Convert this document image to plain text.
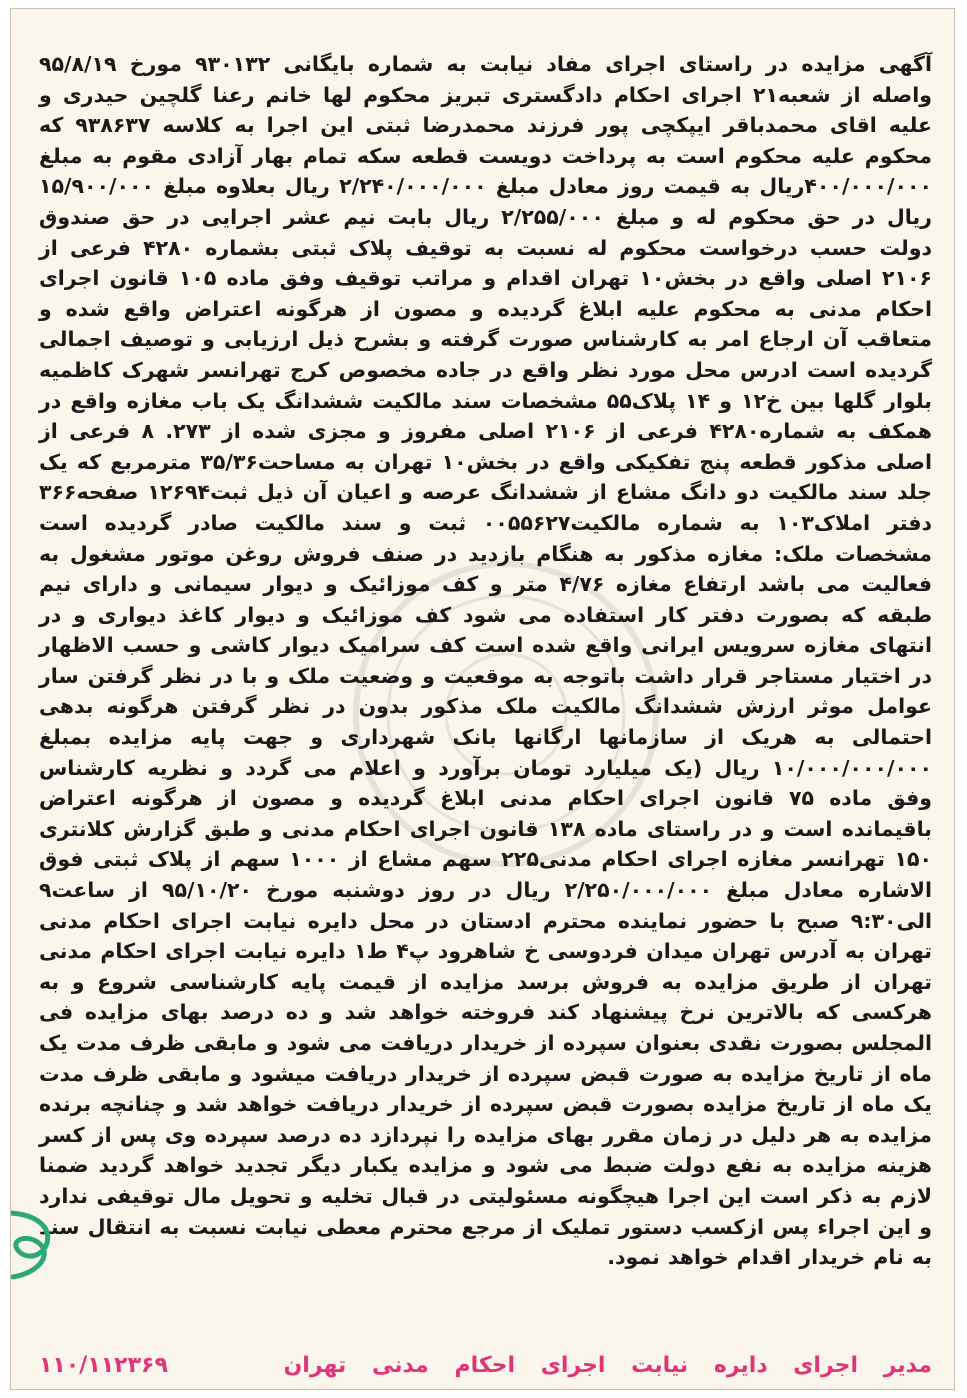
آگهی مزایده در راستای اجرای مفاد نیابت به شماره بایگانی ۹۳۰۱۳۲ مورخ ۹۵/۸/۱۹ واصله از شعبه۲۱ اجرای احکام دادگستری تبریز محکوم لها خانم رعنا گلچین حیدری و علیه اقای محمدباقر ایپکچی پور فرزند محمدرضا ثبتی این اجرا به کلاسه ۹۳۸۶۳۷ که محکوم علیه محکوم است به پرداخت دویست قطعه سکه تمام بهار آزادی مقوم به مبلغ ۴۰۰/۰۰۰/۰۰۰ریال به قیمت روز معادل مبلغ ۲/۲۴۰/۰۰۰/۰۰۰ ریال بعلاوه مبلغ ۱۵/۹۰۰/۰۰۰ ریال در حق محکوم له و مبلغ ۲/۲۵۵/۰۰۰ ریال بابت نیم عشر اجرایی در حق صندوق دولت حسب درخواست محکوم له نسبت به توقیف پلاک ثبتی بشماره ۴۲۸۰ فرعی از ۲۱۰۶ اصلی واقع در بخش۱۰ تهران اقدام و مراتب توقیف وفق ماده ۱۰۵ قانون اجرای احکام مدنی به محکوم علیه ابلاغ گردیده و مصون از هرگونه اعتراض واقع شده و متعاقب آن ارجاع امر به کارشناس صورت گرفته و بشرح ذیل ارزیابی و توصیف اجمالی گردیده است ادرس محل مورد نظر واقع در جاده مخصوص کرج تهرانسر شهرک کاظمیه بلوار گلها بین خ۱۲ و ۱۴ پلاک۵۵ مشخصات سند مالکیت ششدانگ یک باب مغازه واقع در همکف به شماره۴۲۸۰ فرعی از ۲۱۰۶ اصلی مفروز و مجزی شده از ۲۷۳. ۸ فرعی از اصلی مذکور قطعه پنج تفکیکی واقع در بخش۱۰ تهران به مساحت۳۵/۳۶ مترمربع که یک جلد سند مالکیت دو دانگ مشاع از ششدانگ عرصه و اعیان آن ذیل ثبت۱۲۶۹۴ صفحه۳۶۶ دفتر املاک۱۰۳ به شماره مالکیت۰۰۵۵۶۲۷ ثبت و سند مالکیت صادر گردیده است مشخصات ملک: مغازه مذکور به هنگام بازدید در صنف فروش روغن موتور مشغول به فعالیت می باشد ارتفاع مغازه ۴/۷۶ متر و کف موزائیک و دیوار سیمانی و دارای نیم طبقه که بصورت دفتر کار استفاده می شود کف موزائیک و دیوار کاغذ دیواری و در انتهای مغازه سرویس ایرانی واقع شده است کف سرامیک دیوار کاشی و حسب الاظهار در اختیار مستاجر قرار داشت باتوجه به موقعیت و وضعیت ملک و با در نظر گرفتن سار عوامل موثر ارزش ششدانگ مالکیت ملک مذکور بدون در نظر گرفتن هرگونه بدهی احتمالی به هریک از سازمانها ارگانها بانک شهرداری و جهت پایه مزایده بمبلغ ۱۰/۰۰۰/۰۰۰/۰۰۰ ریال (یک میلیارد تومان برآورد و اعلام می گردد و نظریه کارشناس وفق ماده ۷۵ قانون اجرای احکام مدنی ابلاغ گردیده و مصون از هرگونه اعتراض باقیمانده است و در راستای ماده ۱۳۸ قانون اجرای احکام مدنی و طبق گزارش کلانتری ۱۵۰ تهرانسر مغازه اجرای احکام مدنی۲۲۵ سهم مشاع از ۱۰۰۰ سهم از پلاک ثبتی فوق الاشاره معادل مبلغ ۲/۲۵۰/۰۰۰/۰۰۰ ریال در روز دوشنبه مورخ ۹۵/۱۰/۲۰ از ساعت۹ الی۹:۳۰ صبح با حضور نماینده محترم ادستان در محل دایره نیابت اجرای احکام مدنی تهران به آدرس تهران میدان فردوسی خ شاهرود پ۴ ط۱ دایره نیابت اجرای احکام مدنی تهران از طریق مزایده به فروش برسد مزایده از قیمت پایه کارشناسی شروع و به هرکسی که بالاترین نرخ پیشنهاد کند فروخته خواهد شد و ده درصد بهای مزایده فی المجلس بصورت نقدی بعنوان سپرده از خریدار دریافت می شود و مابقی ظرف مدت یک ماه از تاریخ مزایده به صورت قبض سپرده از خریدار دریافت میشود و مابقی ظرف مدت یک ماه از تاریخ مزایده بصورت قبض سپرده از خریدار دریافت خواهد شد و چنانچه برنده مزایده به هر دلیل در زمان مقرر بهای مزایده را نپردازد ده درصد سپرده وی پس از کسر هزینه مزایده به نفع دولت ضبط می شود و مزایده یکبار دیگر تجدید خواهد گردید ضمنا لازم به ذکر است این اجرا هیچگونه مسئولیتی در قبال تخلیه و تحویل مال توقیفی ندارد و این اجراء پس ازکسب دستور تملیک از مرجع محترم معطی نیابت نسبت به انتقال سند به نام خریدار اقدام خواهد نمود.
۱۱۰/۱۱۲۳۶۹	مدیر اجرای دایره نیابت اجرای احکام مدنی تهران
